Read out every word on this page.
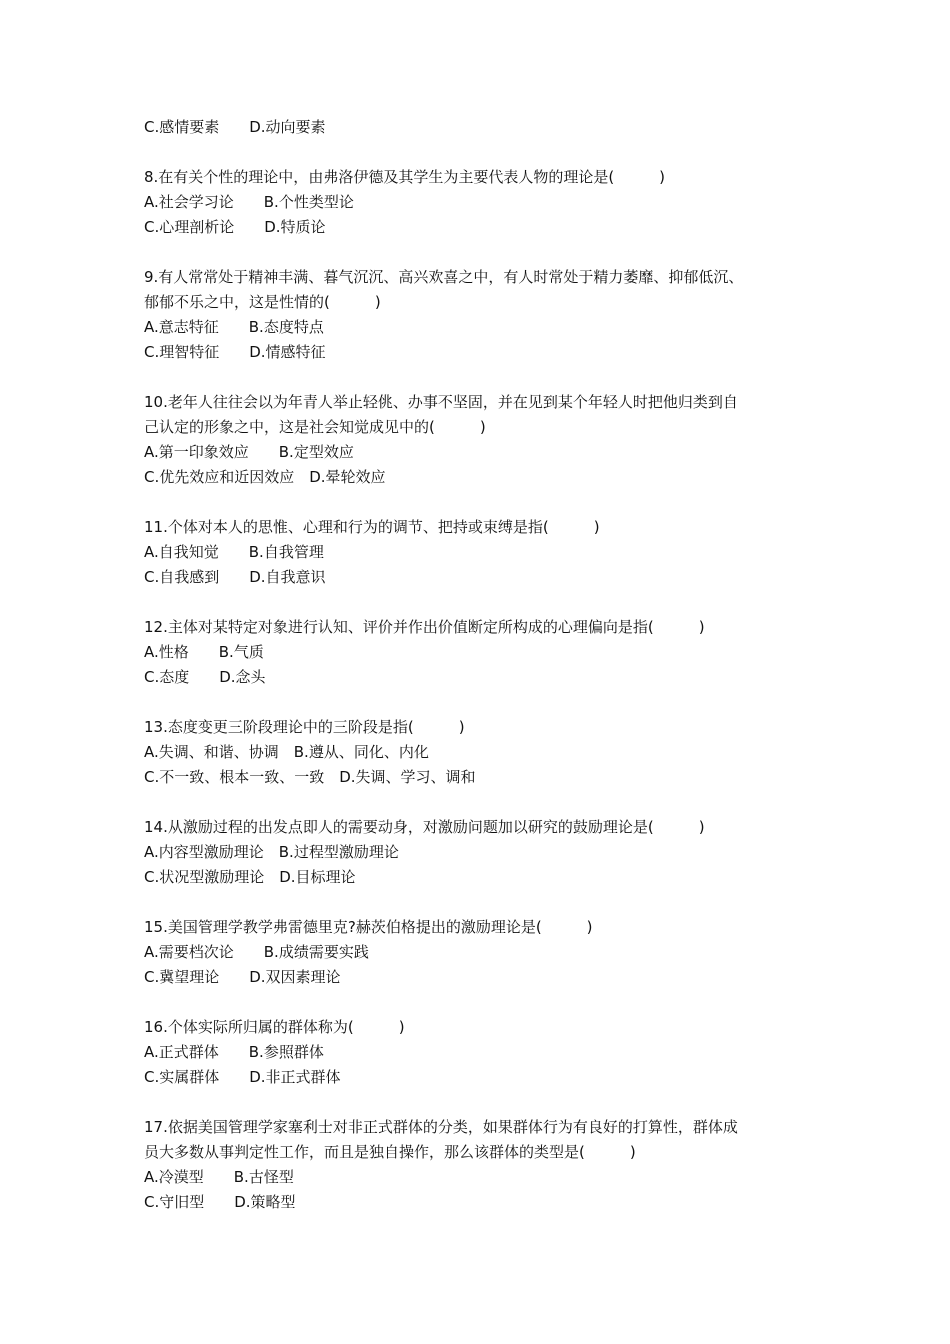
C.感情要素　　D.动向要素
8.在有关个性的理论中，由弗洛伊德及其学生为主要代表人物的理论是(　　　)
A.社会学习论　　B.个性类型论
C.心理剖析论　　D.特质论
9.有人常常处于精神丰满、暮气沉沉、高兴欢喜之中，有人时常处于精力萎靡、抑郁低沉、
郁郁不乐之中，这是性情的(　　　)
A.意志特征　　B.态度特点
C.理智特征　　D.情感特征
10.老年人往往会以为年青人举止轻佻、办事不坚固，并在见到某个年轻人时把他归类到自
己认定的形象之中，这是社会知觉成见中的(　　　)
A.第一印象效应　　B.定型效应
C.优先效应和近因效应　D.晕轮效应
11.个体对本人的思惟、心理和行为的调节、把持或束缚是指(　　　)
A.自我知觉　　B.自我管理
C.自我感到　　D.自我意识
12.主体对某特定对象进行认知、评价并作出价值断定所构成的心理偏向是指(　　　)
A.性格　　B.气质
C.态度　　D.念头
13.态度变更三阶段理论中的三阶段是指(　　　)
A.失调、和谐、协调　B.遵从、同化、内化
C.不一致、根本一致、一致　D.失调、学习、调和
14.从激励过程的出发点即人的需要动身，对激励问题加以研究的鼓励理论是(　　　)
A.内容型激励理论　B.过程型激励理论
C.状况型激励理论　D.目标理论
15.美国管理学教学弗雷德里克?赫茨伯格提出的激励理论是(　　　)
A.需要档次论　　B.成绩需要实践
C.冀望理论　　D.双因素理论
16.个体实际所归属的群体称为(　　　)
A.正式群体　　B.参照群体
C.实属群体　　D.非正式群体
17.依据美国管理学家塞利士对非正式群体的分类，如果群体行为有良好的打算性，群体成
员大多数从事判定性工作，而且是独自操作，那么该群体的类型是(　　　)
A.冷漠型　　B.古怪型
C.守旧型　　D.策略型
